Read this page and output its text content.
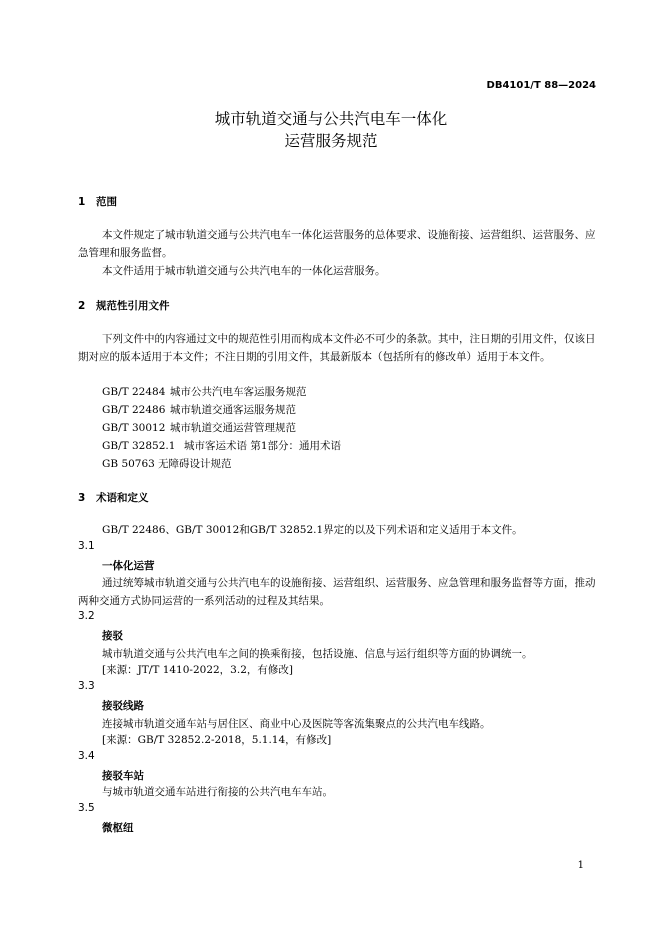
DB4101/T 88—2024
城市轨道交通与公共汽电车一体化
运营服务规范
1 范围
本文件规定了城市轨道交通与公共汽电车一体化运营服务的总体要求、设施衔接、运营组织、运营服务、应急管理和服务监督。
本文件适用于城市轨道交通与公共汽电车的一体化运营服务。
2 规范性引用文件
下列文件中的内容通过文中的规范性引用而构成本文件必不可少的条款。其中，注日期的引用文件，仅该日期对应的版本适用于本文件；不注日期的引用文件，其最新版本（包括所有的修改单）适用于本文件。
GB/T 22484 城市公共汽电车客运服务规范
GB/T 22486 城市轨道交通客运服务规范
GB/T 30012 城市轨道交通运营管理规范
GB/T 32852.1 城市客运术语 第1部分：通用术语
GB 50763 无障碍设计规范
3 术语和定义
GB/T 22486、GB/T 30012和GB/T 32852.1界定的以及下列术语和定义适用于本文件。
3.1
一体化运营
通过统筹城市轨道交通与公共汽电车的设施衔接、运营组织、运营服务、应急管理和服务监督等方面，推动两种交通方式协同运营的一系列活动的过程及其结果。
3.2
接驳
城市轨道交通与公共汽电车之间的换乘衔接，包括设施、信息与运行组织等方面的协调统一。
[来源：JT/T 1410-2022，3.2，有修改]
3.3
接驳线路
连接城市轨道交通车站与居住区、商业中心及医院等客流集聚点的公共汽电车线路。
[来源：GB/T 32852.2-2018，5.1.14，有修改]
3.4
接驳车站
与城市轨道交通车站进行衔接的公共汽电车车站。
3.5
微枢纽
1
